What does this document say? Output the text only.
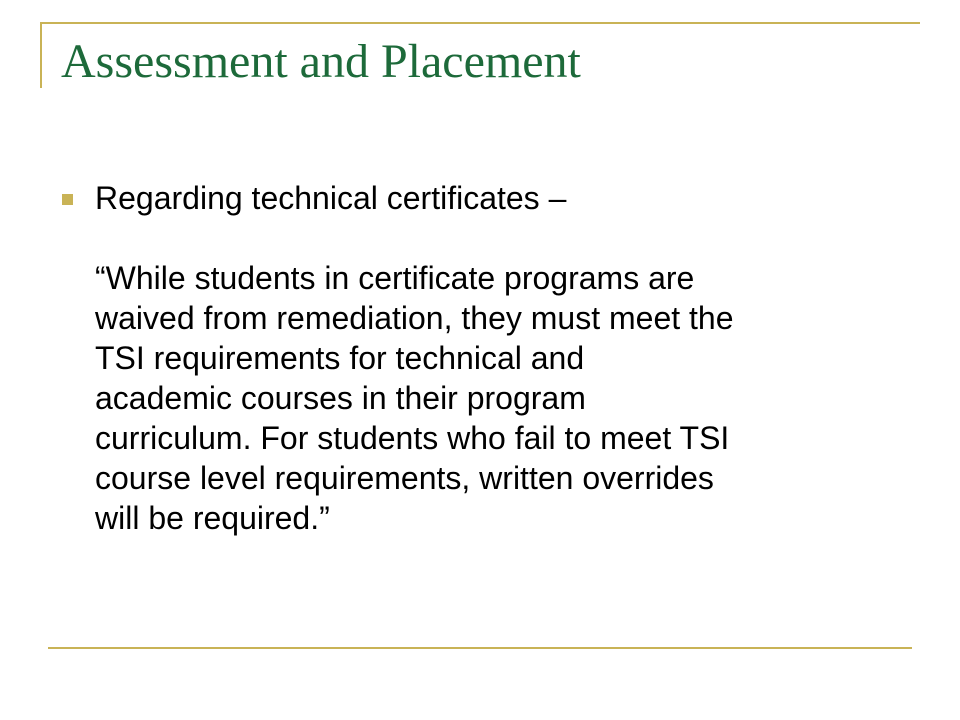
Assessment and Placement

Regarding technical certificates –

“While students in certificate programs are
waived from remediation, they must meet the
TSI requirements for technical and
academic courses in their program
curriculum. For students who fail to meet TSI
course level requirements, written overrides
will be required.”
